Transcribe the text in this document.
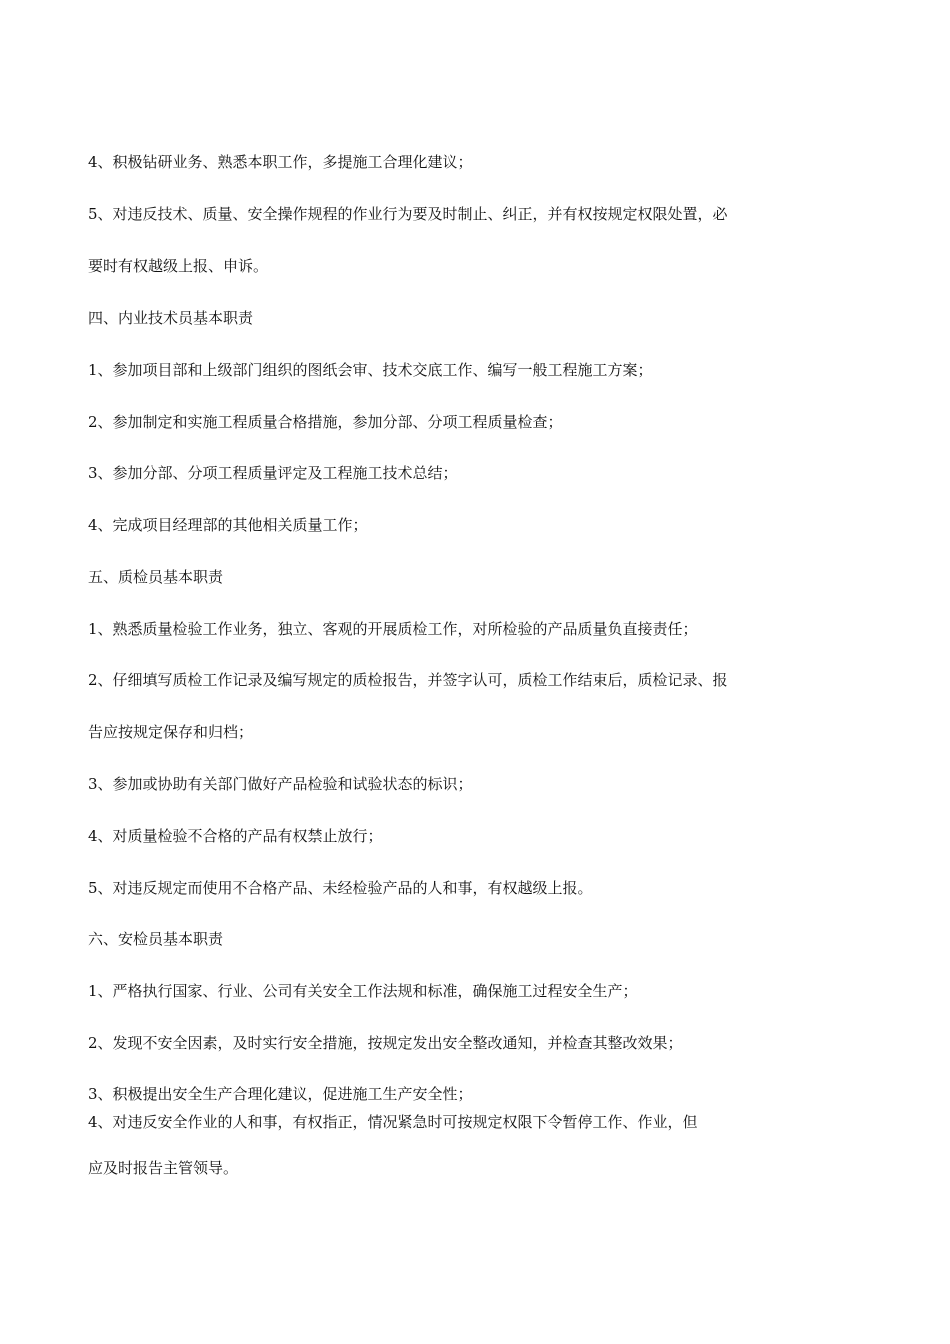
4、积极钻研业务、熟悉本职工作，多提施工合理化建议；

5、对违反技术、质量、安全操作规程的作业行为要及时制止、纠正，并有权按规定权限处置，必

要时有权越级上报、申诉。

四、内业技术员基本职责

1、参加项目部和上级部门组织的图纸会审、技术交底工作、编写一般工程施工方案；

2、参加制定和实施工程质量合格措施，参加分部、分项工程质量检查；

3、参加分部、分项工程质量评定及工程施工技术总结；

4、完成项目经理部的其他相关质量工作；

五、质检员基本职责

1、熟悉质量检验工作业务，独立、客观的开展质检工作，对所检验的产品质量负直接责任；

2、仔细填写质检工作记录及编写规定的质检报告，并签字认可，质检工作结束后，质检记录、报

告应按规定保存和归档；

3、参加或协助有关部门做好产品检验和试验状态的标识；

4、对质量检验不合格的产品有权禁止放行；

5、对违反规定而使用不合格产品、未经检验产品的人和事，有权越级上报。

六、安检员基本职责

1、严格执行国家、行业、公司有关安全工作法规和标准，确保施工过程安全生产；

2、发现不安全因素，及时实行安全措施，按规定发出安全整改通知，并检查其整改效果；

3、积极提出安全生产合理化建议，促进施工生产安全性；

4、对违反安全作业的人和事，有权指正，情况紧急时可按规定权限下令暂停工作、作业，但

应及时报告主管领导。
